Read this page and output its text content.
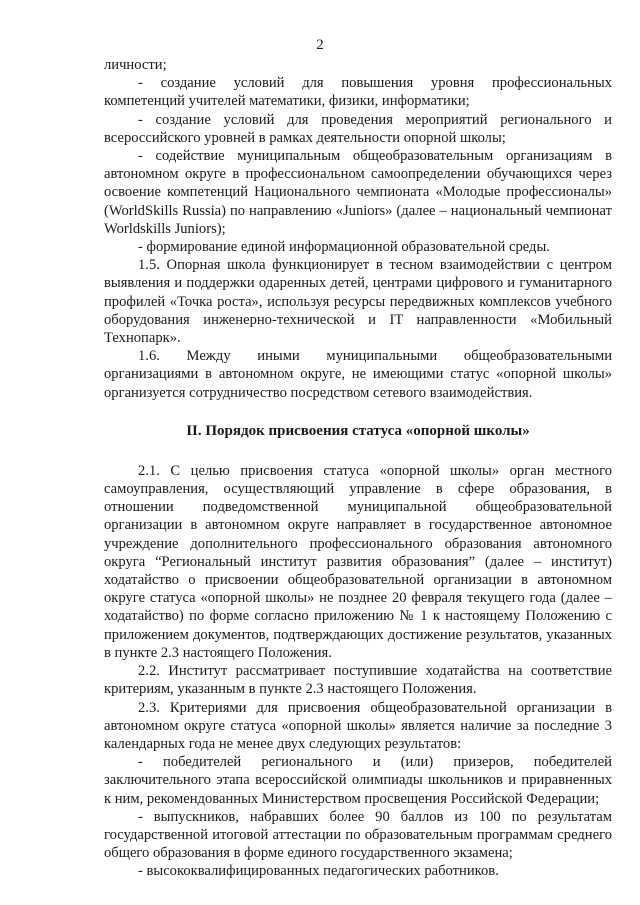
2

личности;

- создание условий для повышения уровня профессиональных компетенций учителей математики, физики, информатики;

- создание условий для проведения мероприятий регионального и всероссийского уровней в рамках деятельности опорной школы;

- содействие муниципальным общеобразовательным организациям в автономном округе в профессиональном самоопределении обучающихся через освоение компетенций Национального чемпионата «Молодые профессионалы» (WorldSkills Russia) по направлению «Juniors» (далее – национальный чемпионат Worldskills Juniors);

- формирование единой информационной образовательной среды.

1.5. Опорная школа функционирует в тесном взаимодействии с центром выявления и поддержки одаренных детей, центрами цифрового и гуманитарного профилей «Точка роста», используя ресурсы передвижных комплексов учебного оборудования инженерно-технической и IT направленности «Мобильный Технопарк».

1.6. Между иными муниципальными общеобразовательными организациями в автономном округе, не имеющими статус «опорной школы» организуется сотрудничество посредством сетевого взаимодействия.

II. Порядок присвоения статуса «опорной школы»

2.1. С целью присвоения статуса «опорной школы» орган местного самоуправления, осуществляющий управление в сфере образования, в отношении подведомственной муниципальной общеобразовательной организации в автономном округе направляет в государственное автономное учреждение дополнительного профессионального образования автономного округа “Региональный институт развития образования” (далее – институт) ходатайство о присвоении общеобразовательной организации в автономном округе статуса «опорной школы» не позднее 20 февраля текущего года (далее – ходатайство) по форме согласно приложению № 1 к настоящему Положению с приложением документов, подтверждающих достижение результатов, указанных в пункте 2.3 настоящего Положения.

2.2. Институт рассматривает поступившие ходатайства на соответствие критериям, указанным в пункте 2.3 настоящего Положения.

2.3. Критериями для присвоения общеобразовательной организации в автономном округе статуса «опорной школы» является наличие за последние 3 календарных года не менее двух следующих результатов:

- победителей регионального и (или) призеров, победителей заключительного этапа всероссийской олимпиады школьников и приравненных к ним, рекомендованных Министерством просвещения Российской Федерации;

- выпускников, набравших более 90 баллов из 100 по результатам государственной итоговой аттестации по образовательным программам среднего общего образования в форме единого государственного экзамена;

- высококвалифицированных педагогических работников.
